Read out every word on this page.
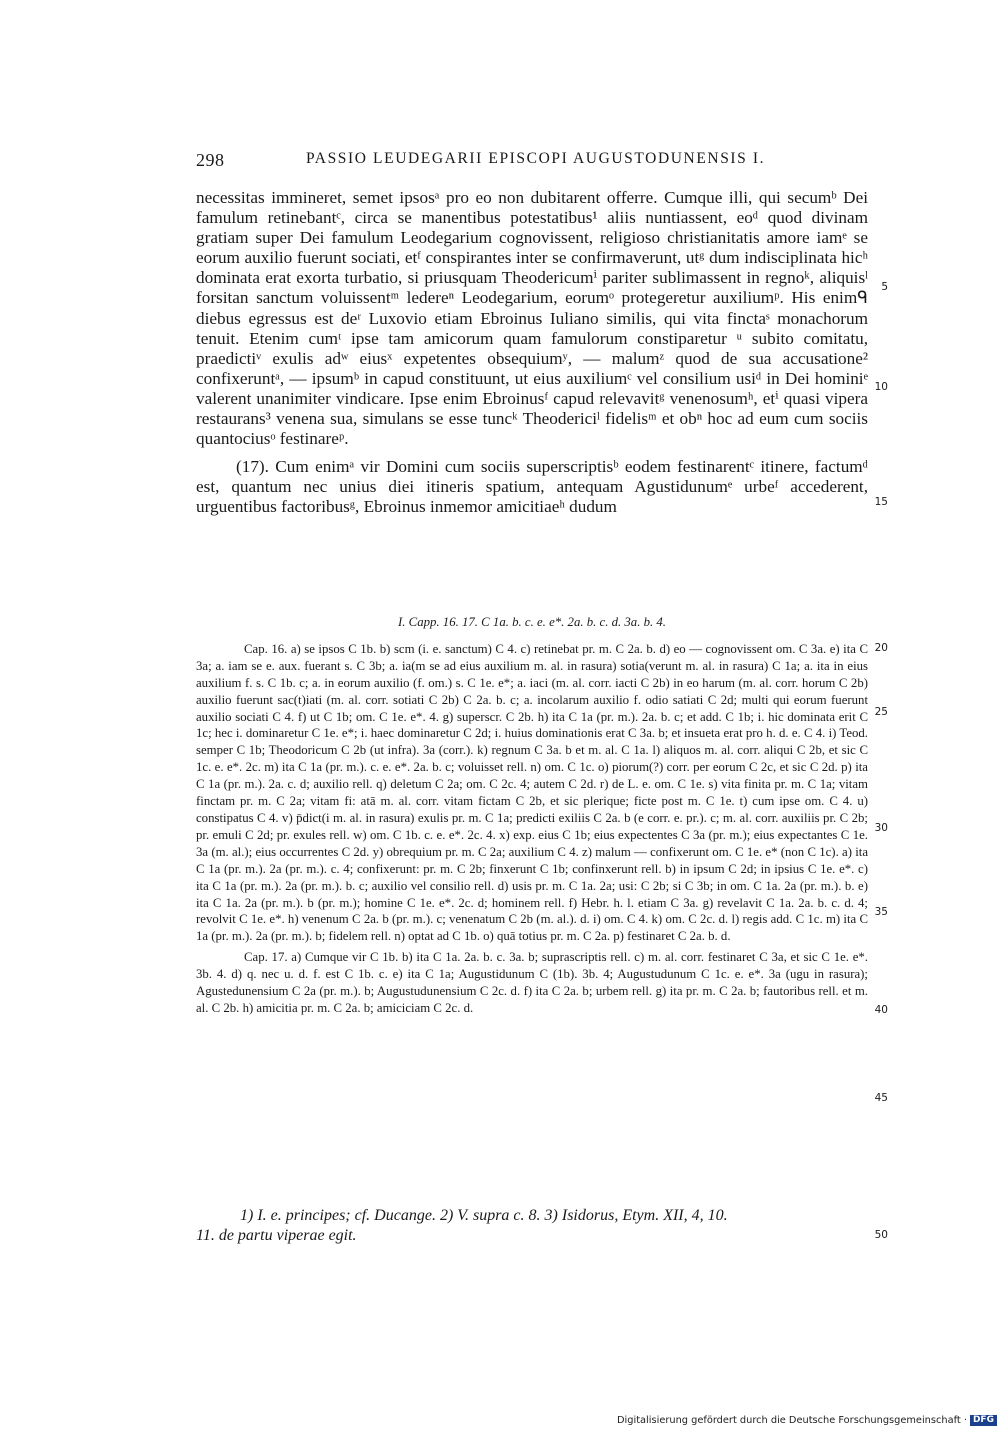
298	PASSIO LEUDEGARII EPISCOPI AUGUSTODUNENSIS I.

necessitas immineret, semet ipsosᵃ pro eo non dubitarent offerre. Cumque illi, qui secumᵇ Dei famulum retinebantᶜ, circa se manentibus potestatibus¹ aliis nuntiassent, eoᵈ quod divinam gratiam super Dei famulum Leodegarium cognovissent, religioso christianitatis amore iamᵉ se eorum auxilio fuerunt sociati, etᶠ conspirantes inter se confirmaverunt, utᵍ dum indisciplinata hicʰ dominata erat exorta turbatio, si priusquam Theodericumⁱ pariter sublimassent in regnoᵏ, aliquisˡ forsitan sanctum voluissentᵐ ledereⁿ Leodegarium, eorumᵒ protegeretur auxiliumᵖ. His enimᑫ diebus egressus est deʳ Luxovio etiam Ebroinus Iuliano similis, qui vita finctaˢ monachorum tenuit. Etenim cumᵗ ipse tam amicorum quam famulorum constiparetur ᵘ subito comitatu, praedictiᵛ exulis adʷ eiusˣ expetentes obsequiumʸ, — malumᶻ quod de sua accusatione² confixeruntᵃ, — ipsumᵇ in capud constituunt, ut eius auxiliumᶜ vel consilium usiᵈ in Dei hominiᵉ valerent unanimiter vindicare. Ipse enim Ebroinusᶠ capud relevavitᵍ venenosumʰ, etⁱ quasi vipera restaurans³ venena sua, simulans se esse tuncᵏ Theodericiˡ fidelisᵐ et obⁿ hoc ad eum cum sociis quantociusᵒ festinareᵖ.

(17). Cum enimᵃ vir Domini cum sociis superscriptisᵇ eodem festinarentᶜ itinere, factumᵈ est, quantum nec unius diei itineris spatium, antequam Agustidunumᵉ urbeᶠ accederent, urguentibus factoribusᵍ, Ebroinus inmemor amicitiaeʰ dudum

5
10
15
20
25
30
35
40
45
50

I. Capp. 16. 17. C 1a. b. c. e. e*. 2a. b. c. d. 3a. b. 4.

Cap. 16. a) se ipsos C 1b. b) scm (i. e. sanctum) C 4. c) retinebat pr. m. C 2a. b. d) eo — cognovissent om. C 3a. e) ita C 3a; a. iam se e. aux. fuerant s. C 3b; a. ia(m se ad eius auxilium m. al. in rasura) sotia(verunt m. al. in rasura) C 1a; a. ita in eius auxilium f. s. C 1b. c; a. in eorum auxilio (f. om.) s. C 1e. e*; a. iaci (m. al. corr. iacti C 2b) in eo harum (m. al. corr. horum C 2b) auxilio fuerunt sac(t)iati (m. al. corr. sotiati C 2b) C 2a. b. c; a. incolarum auxilio f. odio satiati C 2d; multi qui eorum fuerunt auxilio sociati C 4. f) ut C 1b; om. C 1e. e*. 4. g) superscr. C 2b. h) ita C 1a (pr. m.). 2a. b. c; et add. C 1b; i. hic dominata erit C 1c; hec i. dominaretur C 1e. e*; i. haec dominaretur C 2d; i. huius dominationis erat C 3a. b; et insueta erat pro h. d. e. C 4. i) Teod. semper C 1b; Theodoricum C 2b (ut infra). 3a (corr.). k) regnum C 3a. b et m. al. C 1a. l) aliquos m. al. corr. aliqui C 2b, et sic C 1c. e. e*. 2c. m) ita C 1a (pr. m.). c. e. e*. 2a. b. c; voluisset rell. n) om. C 1c. o) piorum(?) corr. per eorum C 2c, et sic C 2d. p) ita C 1a (pr. m.). 2a. c. d; auxilio rell. q) deletum C 2a; om. C 2c. 4; autem C 2d. r) de L. e. om. C 1e. s) vita finita pr. m. C 1a; vitam finctam pr. m. C 2a; vitam fi: atā m. al. corr. vitam fictam C 2b, et sic plerique; ficte post m. C 1e. t) cum ipse om. C 4. u) constipatus C 4. v) p̄dict(i m. al. in rasura) exulis pr. m. C 1a; predicti exiliis C 2a. b (e corr. e. pr.). c; m. al. corr. auxiliis pr. C 2b; pr. emuli C 2d; pr. exules rell. w) om. C 1b. c. e. e*. 2c. 4. x) exp. eius C 1b; eius expectentes C 3a (pr. m.); eius expectantes C 1e. 3a (m. al.); eius occurrentes C 2d. y) obrequium pr. m. C 2a; auxilium C 4. z) malum — confixerunt om. C 1e. e* (non C 1c). a) ita C 1a (pr. m.). 2a (pr. m.). c. 4; confixerunt: pr. m. C 2b; finxerunt C 1b; confinxerunt rell. b) in ipsum C 2d; in ipsius C 1e. e*. c) ita C 1a (pr. m.). 2a (pr. m.). b. c; auxilio vel consilio rell. d) usis pr. m. C 1a. 2a; usi: C 2b; si C 3b; in om. C 1a. 2a (pr. m.). b. e) ita C 1a. 2a (pr. m.). b (pr. m.); homine C 1e. e*. 2c. d; hominem rell. f) Hebr. h. l. etiam C 3a. g) revelavit C 1a. 2a. b. c. d. 4; revolvit C 1e. e*. h) venenum C 2a. b (pr. m.). c; venenatum C 2b (m. al.). d. i) om. C 4. k) om. C 2c. d. l) regis add. C 1c. m) ita C 1a (pr. m.). 2a (pr. m.). b; fidelem rell. n) optat ad C 1b. o) quā totius pr. m. C 2a. p) festinaret C 2a. b. d.

Cap. 17. a) Cumque vir C 1b. b) ita C 1a. 2a. b. c. 3a. b; suprascriptis rell. c) m. al. corr. festinaret C 3a, et sic C 1e. e*. 3b. 4. d) q. nec u. d. f. est C 1b. c. e) ita C 1a; Augustidunum C (1b). 3b. 4; Augustudunum C 1c. e. e*. 3a (ugu in rasura); Agustedunensium C 2a (pr. m.). b; Augustudunensium C 2c. d. f) ita C 2a. b; urbem rell. g) ita pr. m. C 2a. b; fautoribus rell. et m. al. C 2b. h) amicitia pr. m. C 2a. b; amiciciam C 2c. d.

1) I. e. principes; cf. Ducange. 2) V. supra c. 8. 3) Isidorus, Etym. XII, 4, 10.

11. de partu viperae egit.

Digitalisierung gefördert durch die Deutsche Forschungsgemeinschaft · DFG
